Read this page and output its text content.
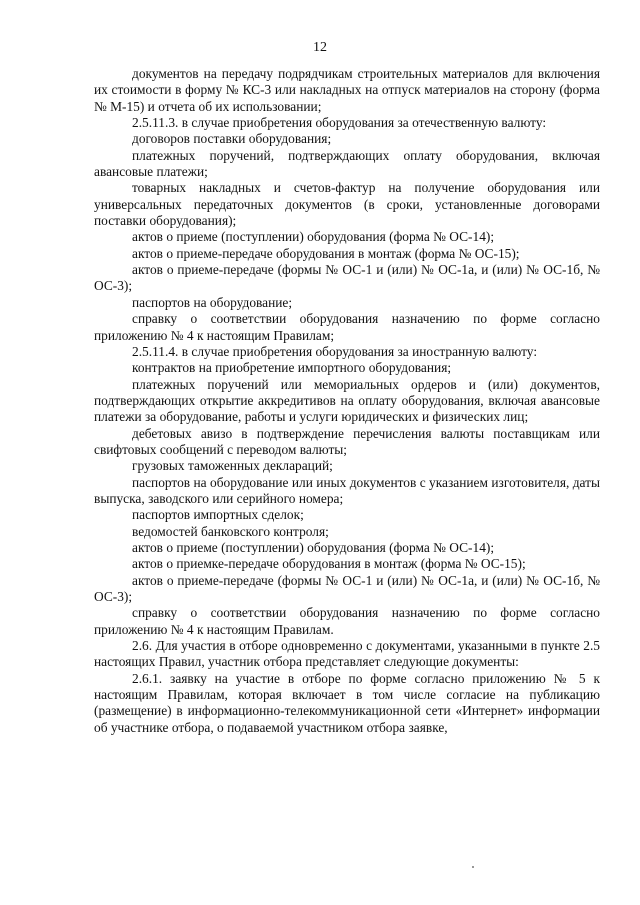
12

документов на передачу подрядчикам строительных материалов для включения их стоимости в форму № КС-3 или накладных на отпуск материалов на сторону (форма № М-15) и отчета об их использовании;

2.5.11.3. в случае приобретения оборудования за отечественную валюту:

договоров поставки оборудования;

платежных поручений, подтверждающих оплату оборудования, включая авансовые платежи;

товарных накладных и счетов-фактур на получение оборудования или универсальных передаточных документов (в сроки, установленные договорами поставки оборудования);

актов о приеме (поступлении) оборудования (форма № ОС-14);

актов о приеме-передаче оборудования в монтаж (форма № ОС-15);

актов о приеме-передаче (формы № ОС-1 и (или) № ОС-1а, и (или) № ОС-1б, № ОС-3);

паспортов на оборудование;

справку о соответствии оборудования назначению по форме согласно приложению № 4 к настоящим Правилам;

2.5.11.4. в случае приобретения оборудования за иностранную валюту:

контрактов на приобретение импортного оборудования;

платежных поручений или мемориальных ордеров и (или) документов, подтверждающих открытие аккредитивов на оплату оборудования, включая авансовые платежи за оборудование, работы и услуги юридических и физических лиц;

дебетовых авизо в подтверждение перечисления валюты поставщикам или свифтовых сообщений с переводом валюты;

грузовых таможенных деклараций;

паспортов на оборудование или иных документов с указанием изготовителя, даты выпуска, заводского или серийного номера;

паспортов импортных сделок;

ведомостей банковского контроля;

актов о приеме (поступлении) оборудования (форма № ОС-14);

актов о приемке-передаче оборудования в монтаж (форма № ОС-15);

актов о приеме-передаче (формы № ОС-1 и (или) № ОС-1а, и (или) № ОС-1б, № ОС-3);

справку о соответствии оборудования назначению по форме согласно приложению № 4 к настоящим Правилам.

2.6. Для участия в отборе одновременно с документами, указанными в пункте 2.5 настоящих Правил, участник отбора представляет следующие документы:

2.6.1. заявку на участие в отборе по форме согласно приложению № 5 к настоящим Правилам, которая включает в том числе согласие на публикацию (размещение) в информационно-телекоммуникационной сети «Интернет» информации об участнике отбора, о подаваемой участником отбора заявке,
